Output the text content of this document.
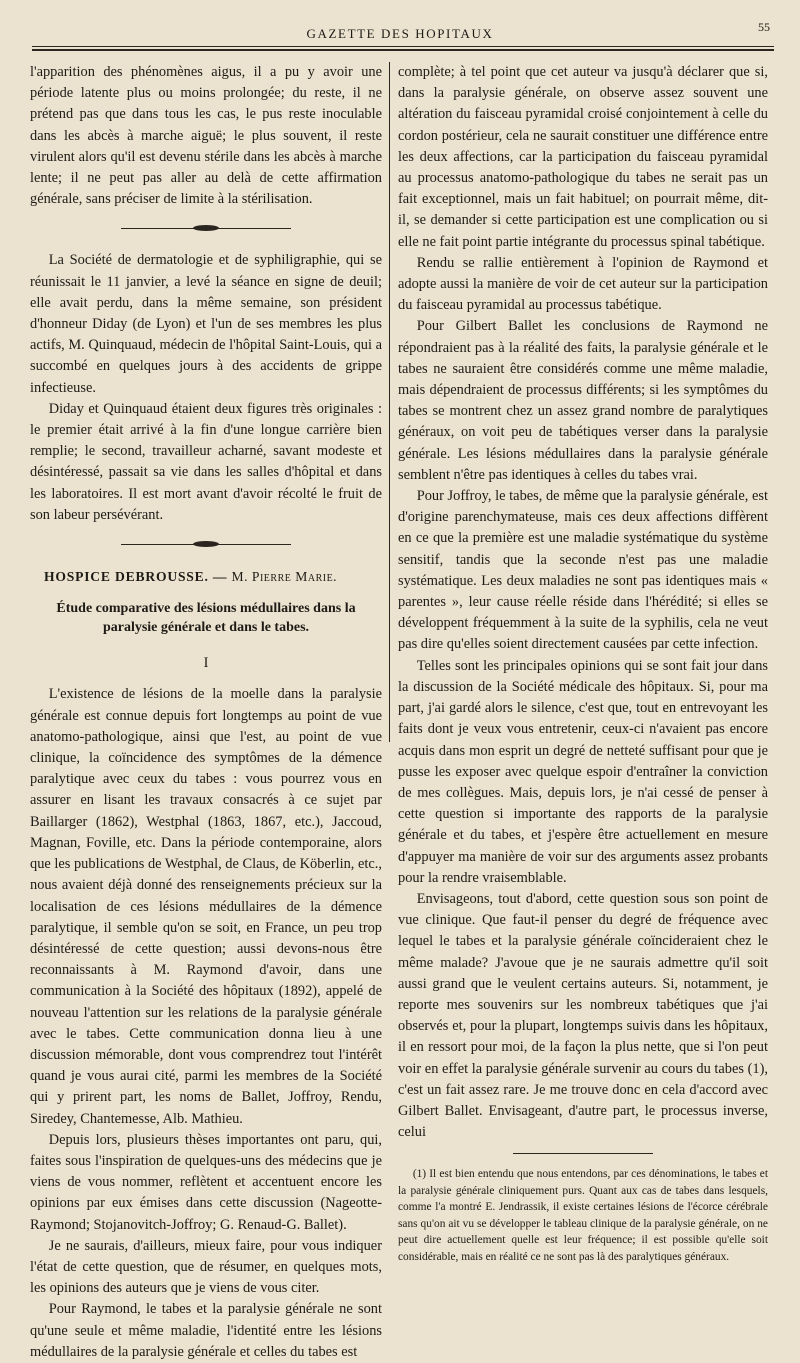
GAZETTE DES HOPITAUX	55

l'apparition des phénomènes aigus, il a pu y avoir une période latente plus ou moins prolongée; du reste, il ne prétend pas que dans tous les cas, le pus reste inoculable dans les abcès à marche aiguë; le plus souvent, il reste virulent alors qu'il est devenu stérile dans les abcès à marche lente; il ne peut pas aller au delà de cette affirmation générale, sans préciser de limite à la stérilisation.

La Société de dermatologie et de syphiligraphie, qui se réunissait le 11 janvier, a levé la séance en signe de deuil; elle avait perdu, dans la même semaine, son président d'honneur Diday (de Lyon) et l'un de ses membres les plus actifs, M. Quinquaud, médecin de l'hôpital Saint-Louis, qui a succombé en quelques jours à des accidents de grippe infectieuse.

Diday et Quinquaud étaient deux figures très originales : le premier était arrivé à la fin d'une longue carrière bien remplie; le second, travailleur acharné, savant modeste et désintéressé, passait sa vie dans les salles d'hôpital et dans les laboratoires. Il est mort avant d'avoir récolté le fruit de son labeur persévérant.

HOSPICE DEBROUSSE. — M. Pierre Marie.
Étude comparative des lésions médullaires dans la paralysie générale et dans le tabes.
I

L'existence de lésions de la moelle dans la paralysie générale est connue depuis fort longtemps au point de vue anatomo-pathologique, ainsi que l'est, au point de vue clinique, la coïncidence des symptômes de la démence paralytique avec ceux du tabes : vous pourrez vous en assurer en lisant les travaux consacrés à ce sujet par Baillarger (1862), Westphal (1863, 1867, etc.), Jaccoud, Magnan, Foville, etc. Dans la période contemporaine, alors que les publications de Westphal, de Claus, de Köberlin, etc., nous avaient déjà donné des renseignements précieux sur la localisation de ces lésions médullaires de la démence paralytique, il semble qu'on se soit, en France, un peu trop désintéressé de cette question; aussi devons-nous être reconnaissants à M. Raymond d'avoir, dans une communication à la Société des hôpitaux (1892), appelé de nouveau l'attention sur les relations de la paralysie générale avec le tabes. Cette communication donna lieu à une discussion mémorable, dont vous comprendrez tout l'intérêt quand je vous aurai cité, parmi les membres de la Société qui y prirent part, les noms de Ballet, Joffroy, Rendu, Siredey, Chantemesse, Alb. Mathieu.

Depuis lors, plusieurs thèses importantes ont paru, qui, faites sous l'inspiration de quelques-uns des médecins que je viens de vous nommer, reflètent et accentuent encore les opinions par eux émises dans cette discussion (Nageotte-Raymond; Stojanovitch-Joffroy; G. Renaud-G. Ballet).

Je ne saurais, d'ailleurs, mieux faire, pour vous indiquer l'état de cette question, que de résumer, en quelques mots, les opinions des auteurs que je viens de vous citer.

Pour Raymond, le tabes et la paralysie générale ne sont qu'une seule et même maladie, l'identité entre les lésions médullaires de la paralysie générale et celles du tabes est

complète; à tel point que cet auteur va jusqu'à déclarer que si, dans la paralysie générale, on observe assez souvent une altération du faisceau pyramidal croisé conjointement à celle du cordon postérieur, cela ne saurait constituer une différence entre les deux affections, car la participation du faisceau pyramidal au processus anatomo-pathologique du tabes ne serait pas un fait exceptionnel, mais un fait habituel; on pourrait même, dit-il, se demander si cette participation est une complication ou si elle ne fait point partie intégrante du processus spinal tabétique.

Rendu se rallie entièrement à l'opinion de Raymond et adopte aussi la manière de voir de cet auteur sur la participation du faisceau pyramidal au processus tabétique.

Pour Gilbert Ballet les conclusions de Raymond ne répondraient pas à la réalité des faits, la paralysie générale et le tabes ne sauraient être considérés comme une même maladie, mais dépendraient de processus différents; si les symptômes du tabes se montrent chez un assez grand nombre de paralytiques généraux, on voit peu de tabétiques verser dans la paralysie générale. Les lésions médullaires dans la paralysie générale semblent n'être pas identiques à celles du tabes vrai.

Pour Joffroy, le tabes, de même que la paralysie générale, est d'origine parenchymateuse, mais ces deux affections diffèrent en ce que la première est une maladie systématique du système sensitif, tandis que la seconde n'est pas une maladie systématique. Les deux maladies ne sont pas identiques mais « parentes », leur cause réelle réside dans l'hérédité; si elles se développent fréquemment à la suite de la syphilis, cela ne veut pas dire qu'elles soient directement causées par cette infection.

Telles sont les principales opinions qui se sont fait jour dans la discussion de la Société médicale des hôpitaux. Si, pour ma part, j'ai gardé alors le silence, c'est que, tout en entrevoyant les faits dont je veux vous entretenir, ceux-ci n'avaient pas encore acquis dans mon esprit un degré de netteté suffisant pour que je pusse les exposer avec quelque espoir d'entraîner la conviction de mes collègues. Mais, depuis lors, je n'ai cessé de penser à cette question si importante des rapports de la paralysie générale et du tabes, et j'espère être actuellement en mesure d'appuyer ma manière de voir sur des arguments assez probants pour la rendre vraisemblable.

Envisageons, tout d'abord, cette question sous son point de vue clinique. Que faut-il penser du degré de fréquence avec lequel le tabes et la paralysie générale coïncideraient chez le même malade? J'avoue que je ne saurais admettre qu'il soit aussi grand que le veulent certains auteurs. Si, notamment, je reporte mes souvenirs sur les nombreux tabétiques que j'ai observés et, pour la plupart, longtemps suivis dans les hôpitaux, il en ressort pour moi, de la façon la plus nette, que si l'on peut voir en effet la paralysie générale survenir au cours du tabes (1), c'est un fait assez rare. Je me trouve donc en cela d'accord avec Gilbert Ballet. Envisageant, d'autre part, le processus inverse, celui

(1) Il est bien entendu que nous entendons, par ces dénominations, le tabes et la paralysie générale cliniquement purs. Quant aux cas de tabes dans lesquels, comme l'a montré E. Jendrassik, il existe certaines lésions de l'écorce cérébrale sans qu'on ait vu se développer le tableau clinique de la paralysie générale, on ne peut dire actuellement quelle est leur fréquence; il est possible qu'elle soit considérable, mais en réalité ce ne sont pas là des paralytiques généraux.
